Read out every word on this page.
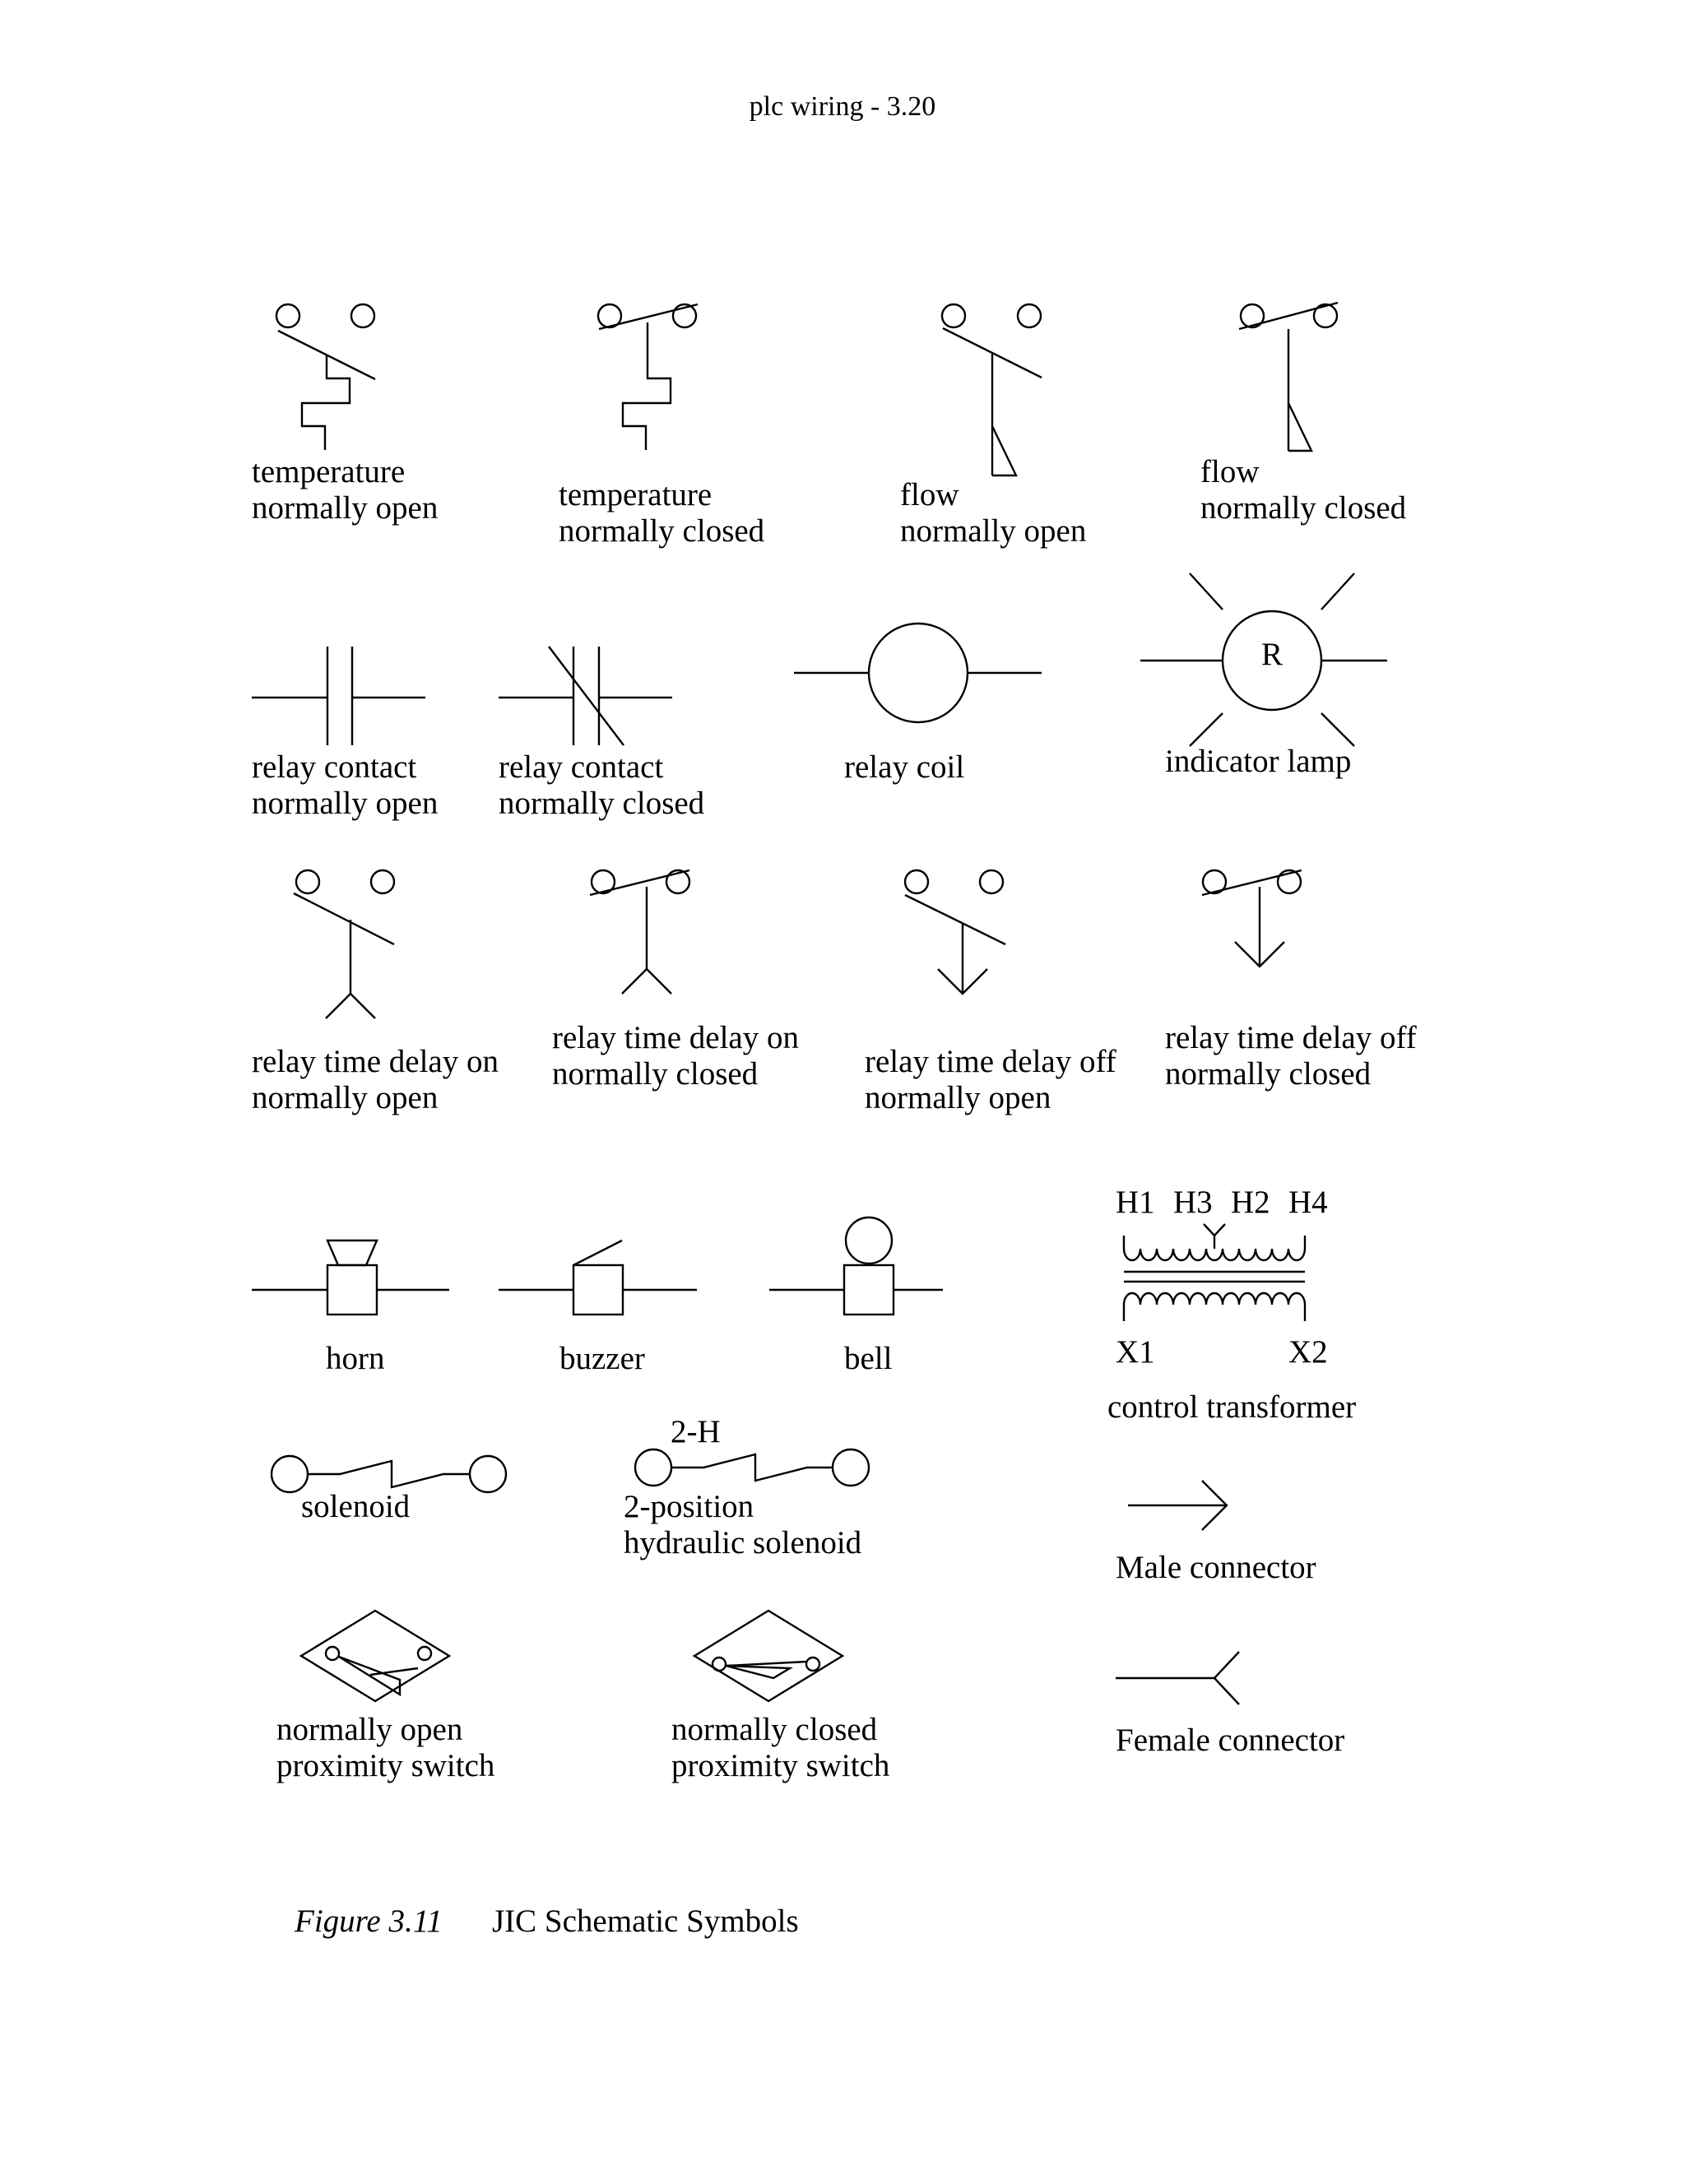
plc wiring - 3.20
temperature
normally open	temperature
normally closed
flow
normally open
flow
normally closed
relay contact
normally open
relay contact
normally closed
relay coil
R
indicator lamp
relay time delay on
normally open
relay time delay on
normally closed	relay time delay off
normally open
relay time delay off
normally closed
horn	buzzer	bell
H1 H3 H2 H4
X1	X2
control transformer
solenoid
2-H
2-position
hydraulic solenoid
Male connector
normally open
proximity switch
normally closed
proximity switch
Female connector
Figure 3.11 JIC Schematic Symbols
